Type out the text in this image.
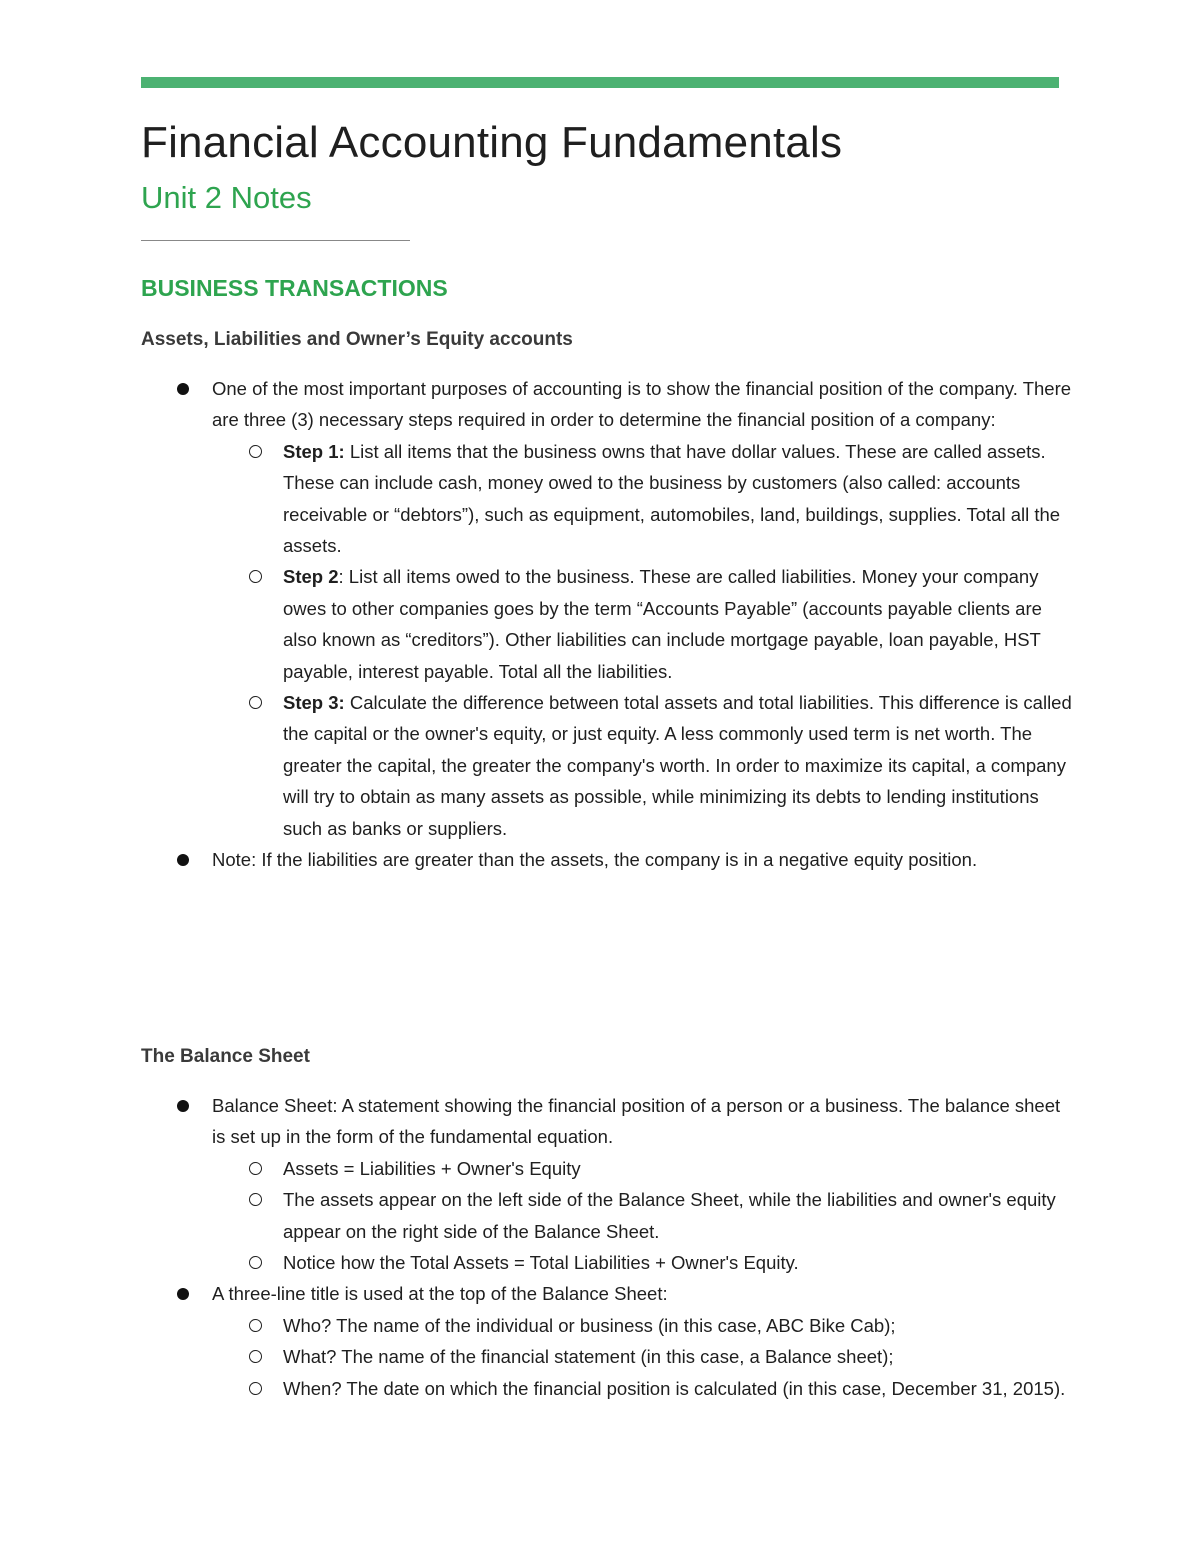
Financial Accounting Fundamentals
Unit 2 Notes
BUSINESS TRANSACTIONS
Assets, Liabilities and Owner’s Equity accounts
One of the most important purposes of accounting is to show the financial position of the company. There are three (3) necessary steps required in order to determine the financial position of a company:
Step 1: List all items that the business owns that have dollar values. These are called assets. These can include cash, money owed to the business by customers (also called: accounts receivable or “debtors”), such as equipment, automobiles, land, buildings, supplies. Total all the assets.
Step 2: List all items owed to the business. These are called liabilities. Money your company owes to other companies goes by the term “Accounts Payable” (accounts payable clients are also known as “creditors”). Other liabilities can include mortgage payable, loan payable, HST payable, interest payable. Total all the liabilities.
Step 3: Calculate the difference between total assets and total liabilities. This difference is called the capital or the owner's equity, or just equity. A less commonly used term is net worth. The greater the capital, the greater the company's worth. In order to maximize its capital, a company will try to obtain as many assets as possible, while minimizing its debts to lending institutions such as banks or suppliers.
Note: If the liabilities are greater than the assets, the company is in a negative equity position.
The Balance Sheet
Balance Sheet: A statement showing the financial position of a person or a business. The balance sheet is set up in the form of the fundamental equation.
Assets = Liabilities + Owner's Equity
The assets appear on the left side of the Balance Sheet, while the liabilities and owner's equity appear on the right side of the Balance Sheet.
Notice how the Total Assets = Total Liabilities + Owner's Equity.
A three-line title is used at the top of the Balance Sheet:
Who? The name of the individual or business (in this case, ABC Bike Cab);
What? The name of the financial statement (in this case, a Balance sheet);
When? The date on which the financial position is calculated (in this case, December 31, 2015).
